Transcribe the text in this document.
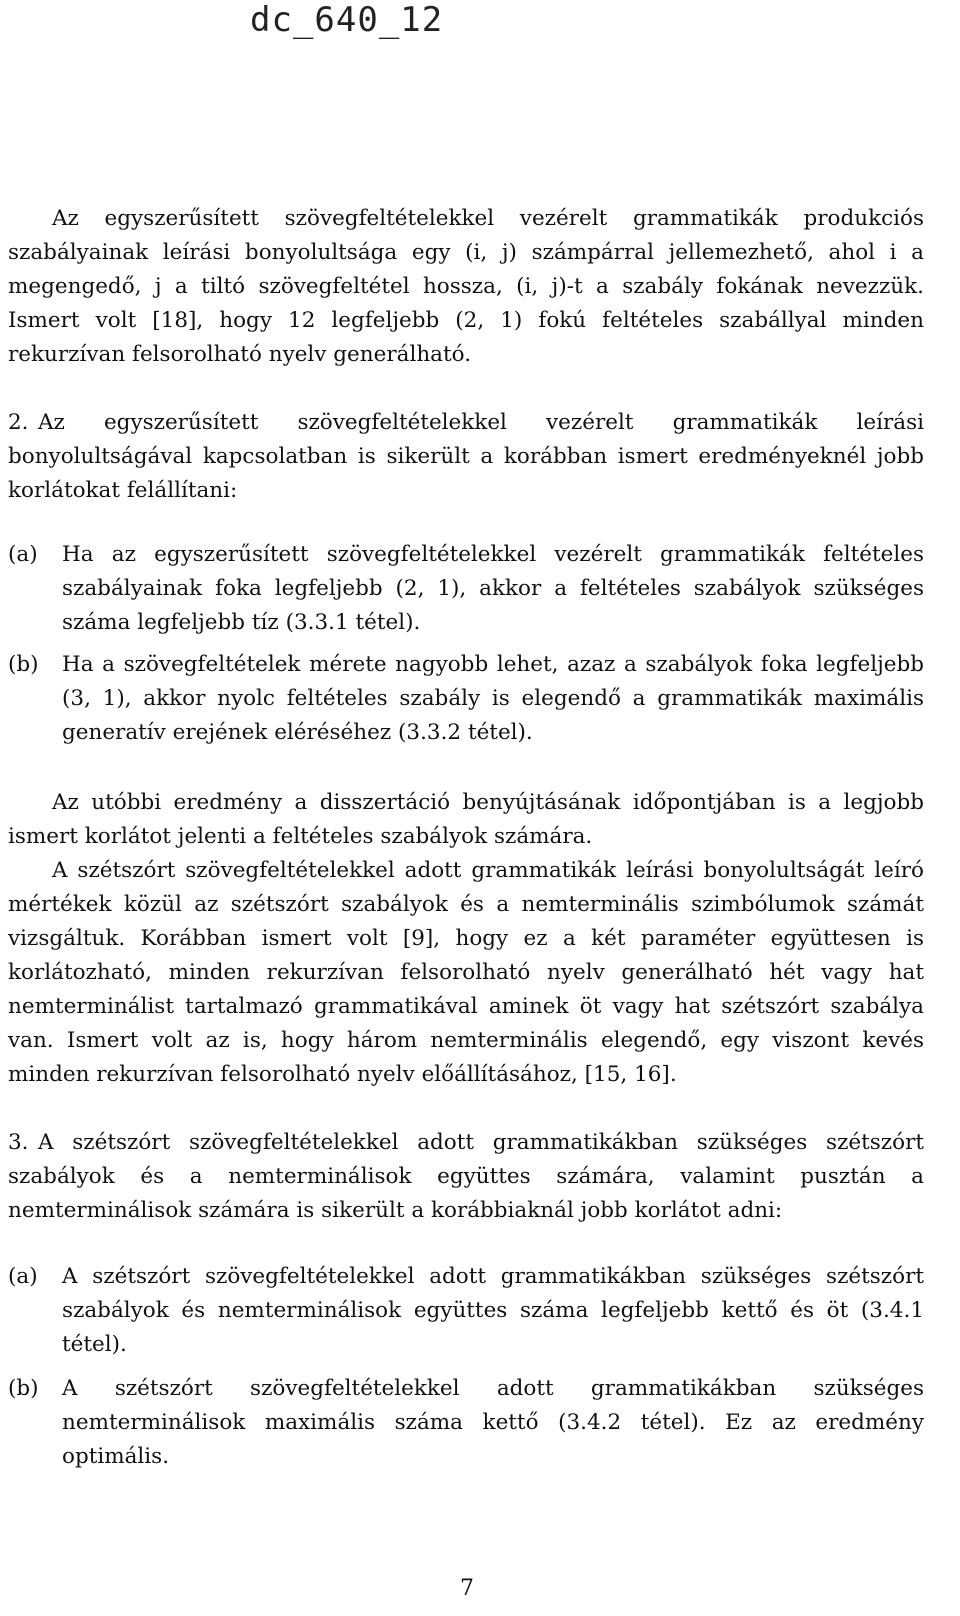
dc_640_12

Az egyszerűsített szövegfeltételekkel vezérelt grammatikák produkciós szabályainak leírási bonyolultsága egy (i, j) számpárral jellemezhető, ahol i a megengedő, j a tiltó szövegfeltétel hossza, (i, j)-t a szabály fokának nevezzük. Ismert volt [18], hogy 12 legfeljebb (2, 1) fokú feltételes szabállyal minden rekurzívan felsorolható nyelv generálható.

2. Az egyszerűsített szövegfeltételekkel vezérelt grammatikák leírási bonyolultságával kapcsolatban is sikerült a korábban ismert eredményeknél jobb korlátokat felállítani:

(a) Ha az egyszerűsített szövegfeltételekkel vezérelt grammatikák feltételes szabályainak foka legfeljebb (2, 1), akkor a feltételes szabályok szükséges száma legfeljebb tíz (3.3.1 tétel).

(b) Ha a szövegfeltételek mérete nagyobb lehet, azaz a szabályok foka legfeljebb (3, 1), akkor nyolc feltételes szabály is elegendő a grammatikák maximális generatív erejének eléréséhez (3.3.2 tétel).

Az utóbbi eredmény a disszertáció benyújtásának időpontjában is a legjobb ismert korlátot jelenti a feltételes szabályok számára.

A szétszórt szövegfeltételekkel adott grammatikák leírási bonyolultságát leíró mértékek közül az szétszórt szabályok és a nemterminális szimbólumok számát vizsgáltuk. Korábban ismert volt [9], hogy ez a két paraméter együttesen is korlátozható, minden rekurzívan felsorolható nyelv generálható hét vagy hat nemterminálist tartalmazó grammatikával aminek öt vagy hat szétszórt szabálya van. Ismert volt az is, hogy három nemterminális elegendő, egy viszont kevés minden rekurzívan felsorolható nyelv előállításához, [15, 16].

3. A szétszórt szövegfeltételekkel adott grammatikákban szükséges szétszórt szabályok és a nemterminálisok együttes számára, valamint pusztán a nemterminálisok számára is sikerült a korábbiaknál jobb korlátot adni:

(a) A szétszórt szövegfeltételekkel adott grammatikákban szükséges szétszórt szabályok és nemterminálisok együttes száma legfeljebb kettő és öt (3.4.1 tétel).

(b) A szétszórt szövegfeltételekkel adott grammatikákban szükséges nemterminálisok maximális száma kettő (3.4.2 tétel). Ez az eredmény optimális.

7
